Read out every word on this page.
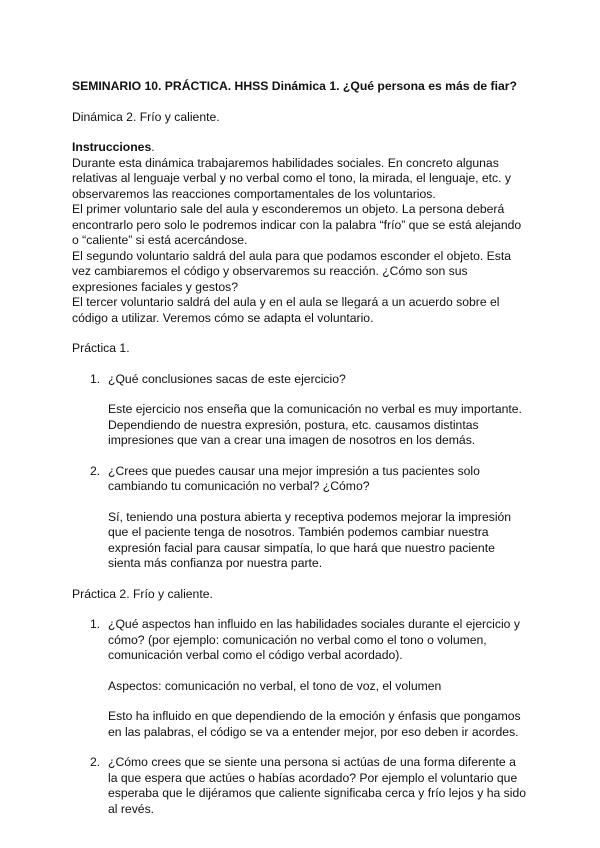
SEMINARIO 10. PRÁCTICA. HHSS Dinámica 1. ¿Qué persona es más de fiar?

Dinámica 2. Frío y caliente.

Instrucciones.

Durante esta dinámica trabajaremos habilidades sociales. En concreto algunas relativas al lenguaje verbal y no verbal como el tono, la mirada, el lenguaje, etc. y observaremos las reacciones comportamentales de los voluntarios.

El primer voluntario sale del aula y esconderemos un objeto. La persona deberá encontrarlo pero solo le podremos indicar con la palabra “frío” que se está alejando o “caliente” si está acercándose.

El segundo voluntario saldrá del aula para que podamos esconder el objeto. Esta vez cambiaremos el código y observaremos su reacción. ¿Cómo son sus expresiones faciales y gestos?

El tercer voluntario saldrá del aula y en el aula se llegará a un acuerdo sobre el código a utilizar. Veremos cómo se adapta el voluntario.

Práctica 1.

1. ¿Qué conclusiones sacas de este ejercicio?

Este ejercicio nos enseña que la comunicación no verbal es muy importante. Dependiendo de nuestra expresión, postura, etc. causamos distintas impresiones que van a crear una imagen de nosotros en los demás.

2. ¿Crees que puedes causar una mejor impresión a tus pacientes solo cambiando tu comunicación no verbal? ¿Cómo?

Sí, teniendo una postura abierta y receptiva podemos mejorar la impresión que el paciente tenga de nosotros. También podemos cambiar nuestra expresión facial para causar simpatía, lo que hará que nuestro paciente sienta más confianza por nuestra parte.

Práctica 2. Frío y caliente.

1. ¿Qué aspectos han influido en las habilidades sociales durante el ejercicio y cómo? (por ejemplo: comunicación no verbal como el tono o volumen, comunicación verbal como el código verbal acordado).

Aspectos: comunicación no verbal, el tono de voz, el volumen

Esto ha influido en que dependiendo de la emoción y énfasis que pongamos en las palabras, el código se va a entender mejor, por eso deben ir acordes.

2. ¿Cómo crees que se siente una persona si actúas de una forma diferente a la que espera que actúes o habías acordado? Por ejemplo el voluntario que esperaba que le dijéramos que caliente significaba cerca y frío lejos y ha sido al revés.
